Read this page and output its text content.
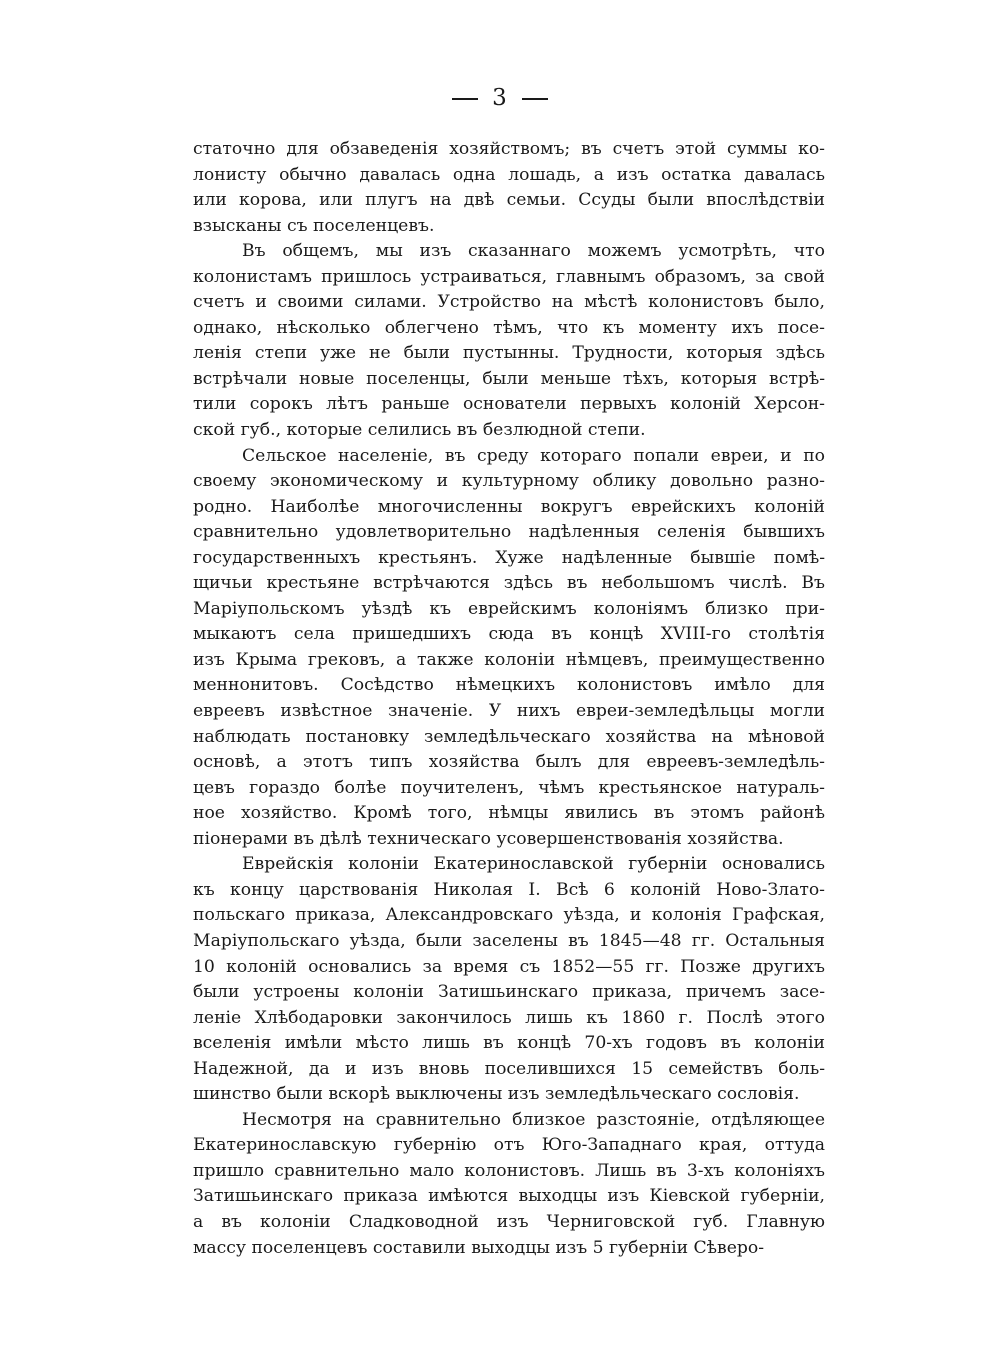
3
статочно для обзаведенія хозяйствомъ; въ счетъ этой суммы ко-
лонисту обычно давалась одна лошадь, а изъ остатка давалась
или корова, или плугъ на двѣ семьи. Ссуды были впослѣдствіи
взысканы съ поселенцевъ.
Въ общемъ, мы изъ сказаннагo можемъ усмотрѣть, что
колонистамъ пришлось устраиваться, главнымъ образомъ, за свой
счетъ и своими силами. Устройство на мѣстѣ колонистовъ было,
однако, нѣсколько облегчено тѣмъ, что къ моменту ихъ посе-
ленія степи уже не были пустынны. Трудности, которыя здѣсь
встрѣчали новые поселенцы, были меньше тѣхъ, которыя встрѣ-
тили сорокъ лѣтъ раньше основатели первыхъ колоній Херсон-
ской губ., которые селились въ безлюдной степи.
Сельское населеніе, въ среду котораго попали евреи, и по
своему экономическому и культурному облику довольно разно-
родно. Наиболѣе многочисленны вокругъ еврейскихъ колоній
сравнительно удовлетворительно надѣленныя селенія бывшихъ
государственныхъ крестьянъ. Хуже надѣленные бывшіе помѣ-
щичьи крестьяне встрѣчаются здѣсь въ небольшомъ числѣ. Въ
Маріупольскомъ уѣздѣ къ еврейскимъ колоніямъ близко при-
мыкаютъ села пришедшихъ сюда въ концѣ XVIII-го столѣтія
изъ Крыма грековъ, а также колоніи нѣмцевъ, преимущественно
меннонитовъ. Сосѣдство нѣмецкихъ колонистовъ имѣло для
евреевъ извѣстное значеніе. У нихъ евреи-земледѣльцы могли
наблюдать постановку земледѣльческаго хозяйства на мѣновой
основѣ, а этотъ типъ хозяйства былъ для евреевъ-земледѣль-
цевъ гораздо болѣе поучителенъ, чѣмъ крестьянское натураль-
ное хозяйство. Кромѣ того, нѣмцы явились въ этомъ районѣ
піонерами въ дѣлѣ техническаго усовершенствованія хозяйства.
Еврейскія колоніи Екатеринославской губерніи основались
къ концу царствованія Николая I. Всѣ 6 колоній Ново-Злато-
польскаго приказа, Александровскаго уѣзда, и колонія Графская,
Маріупольскаго уѣзда, были заселены въ 1845—48 гг. Остальныя
10 колоній основались за время съ 1852—55 гг. Позже другихъ
были устроены колоніи Затишьинскаго приказа, причемъ засе-
леніе Хлѣбодаровки закончилось лишь къ 1860 г. Послѣ этого
вселенія имѣли мѣсто лишь въ концѣ 70-хъ годовъ въ колоніи
Надежной, да и изъ вновь поселившихся 15 семействъ боль-
шинство были вскорѣ выключены изъ земледѣльческаго сословія.
Несмотря на сравнительно близкое разстояніе, отдѣляющее
Екатеринославскую губернію отъ Юго-Западнаго края, оттуда
пришло сравнительно мало колонистовъ. Лишь въ 3-хъ колоніяхъ
Затишьинскаго приказа имѣются выходцы изъ Кіевской губерніи,
а въ колоніи Сладководной изъ Черниговской губ. Главную
массу поселенцевъ составили выходцы изъ 5 губерніи Сѣверо-
